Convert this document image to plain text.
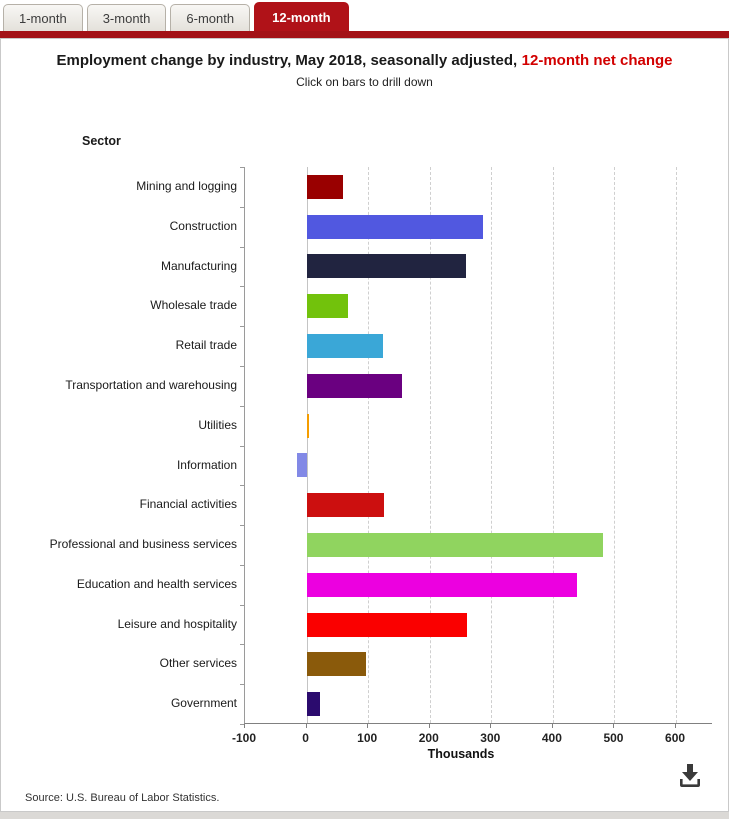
1-month	3-month	6-month	12-month
Employment change by industry, May 2018, seasonally adjusted, 12-month net change
Click on bars to drill down
Sector
Mining and logging
Construction
Manufacturing
Wholesale trade
Retail trade
Transportation and warehousing
Utilities
Information
Financial activities
Professional and business services
Education and health services
Leisure and hospitality
Other services
Government
-100	0	100	200	300	400	500	600
Thousands
Source: U.S. Bureau of Labor Statistics.
